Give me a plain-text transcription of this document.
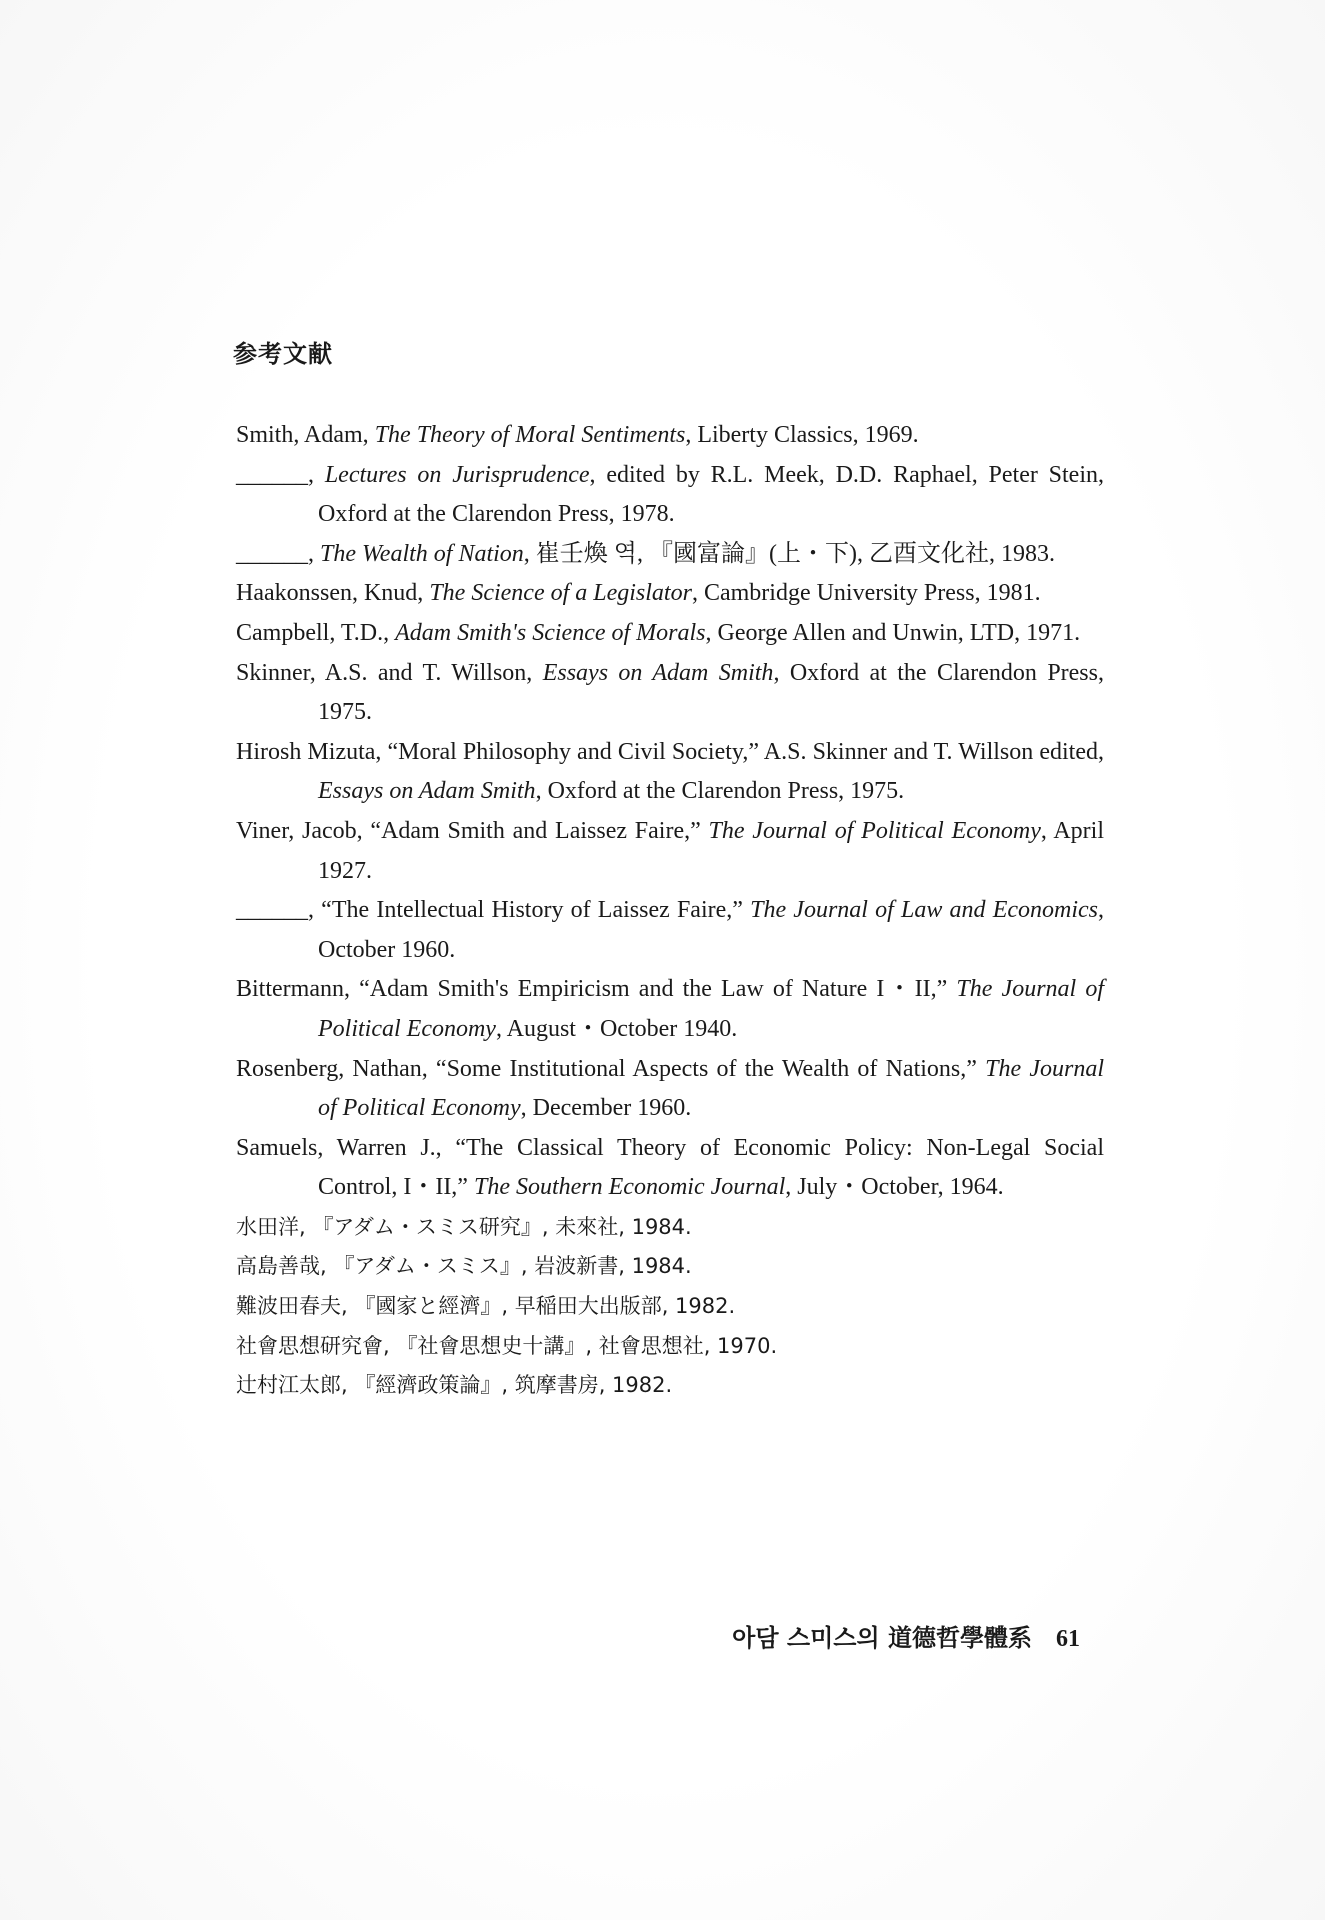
参考文献
Smith, Adam, The Theory of Moral Sentiments, Liberty Classics, 1969.
______, Lectures on Jurisprudence, edited by R.L. Meek, D.D. Raphael, Peter Stein, Oxford at the Clarendon Press, 1978.
______, The Wealth of Nation, 崔壬煥 역, 『國富論』(上・下), 乙酉文化社, 1983.
Haakonssen, Knud, The Science of a Legislator, Cambridge University Press, 1981.
Campbell, T.D., Adam Smith's Science of Morals, George Allen and Unwin, LTD, 1971.
Skinner, A.S. and T. Willson, Essays on Adam Smith, Oxford at the Clarendon Press, 1975.
Hirosh Mizuta, “Moral Philosophy and Civil Society,” A.S. Skinner and T. Willson edited, Essays on Adam Smith, Oxford at the Clarendon Press, 1975.
Viner, Jacob, “Adam Smith and Laissez Faire,” The Journal of Political Economy, April 1927.
______, “The Intellectual History of Laissez Faire,” The Journal of Law and Economics, October 1960.
Bittermann, “Adam Smith's Empiricism and the Law of Nature I・II,” The Journal of Political Economy, August・October 1940.
Rosenberg, Nathan, “Some Institutional Aspects of the Wealth of Nations,” The Journal of Political Economy, December 1960.
Samuels, Warren J., “The Classical Theory of Economic Policy: Non-Legal Social Control, I・II,” The Southern Economic Journal, July・October, 1964.
水田洋, 『アダム・スミス研究』, 未來社, 1984.
高島善哉, 『アダム・スミス』, 岩波新書, 1984.
難波田春夫, 『國家と經濟』, 早稲田大出版部, 1982.
社會思想研究會, 『社會思想史十講』, 社會思想社, 1970.
辻村江太郎, 『經濟政策論』, 筑摩書房, 1982.
아담 스미스의 道德哲學體系 61
